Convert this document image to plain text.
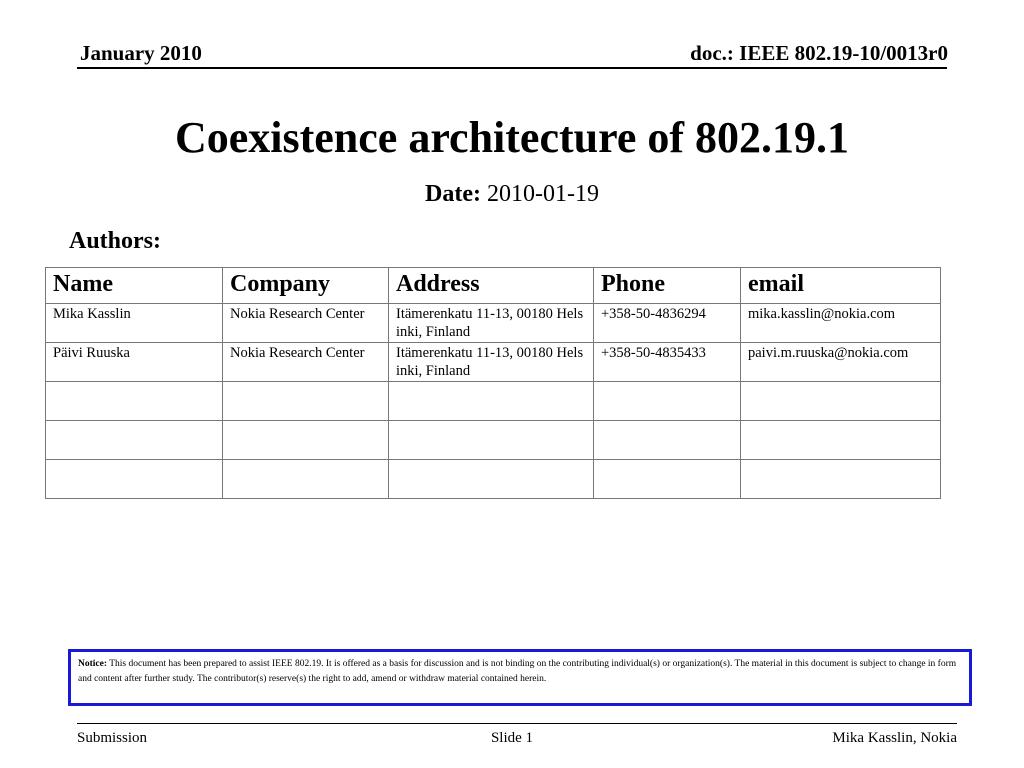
January 2010	doc.: IEEE 802.19-10/0013r0
Coexistence architecture of 802.19.1
Date: 2010-01-19
Authors:
Name	Company	Address	Phone	email
Mika Kasslin	Nokia Research Center	Itämerenkatu 11-13, 00180 Helsinki, Finland	+358-50-4836294	mika.kasslin@nokia.com
Päivi Ruuska	Nokia Research Center	Itämerenkatu 11-13, 00180 Helsinki, Finland	+358-50-4835433	paivi.m.ruuska@nokia.com

Notice: This document has been prepared to assist IEEE 802.19. It is offered as a basis for discussion and is not binding on the contributing individual(s) or organization(s). The material in this document is subject to change in form and content after further study. The contributor(s) reserve(s) the right to add, amend or withdraw material contained herein.
Submission	Slide 1	Mika Kasslin, Nokia
